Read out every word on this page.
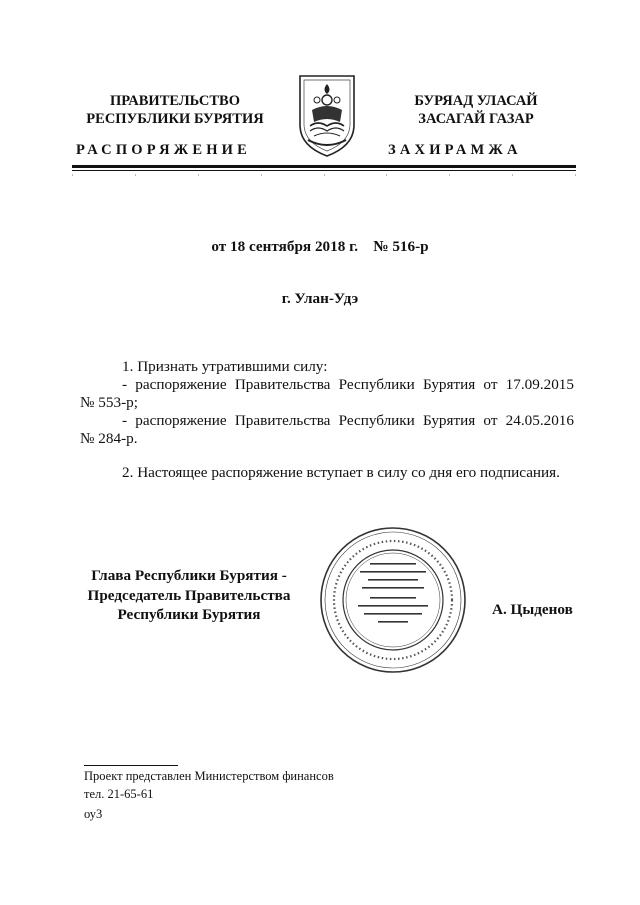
ПРАВИТЕЛЬСТВО
РЕСПУБЛИКИ БУРЯТИЯ
РАСПОРЯЖЕНИЕ
БУРЯАД УЛАСАЙ
ЗАСАГАЙ ГАЗАР
ЗАХИРАМЖА
от 18 сентября 2018 г. № 516-р
г. Улан-Удэ
1. Признать утратившими силу:
- распоряжение Правительства Республики Бурятия от 17.09.2015
№ 553-р;
- распоряжение Правительства Республики Бурятия от 24.05.2016
№ 284-р.
2. Настоящее распоряжение вступает в силу со дня его подписания.
Глава Республики Бурятия -
Председатель Правительства
Республики Бурятия	А. Цыденов
Проект представлен Министерством финансов
тел. 21-65-61
оу3
